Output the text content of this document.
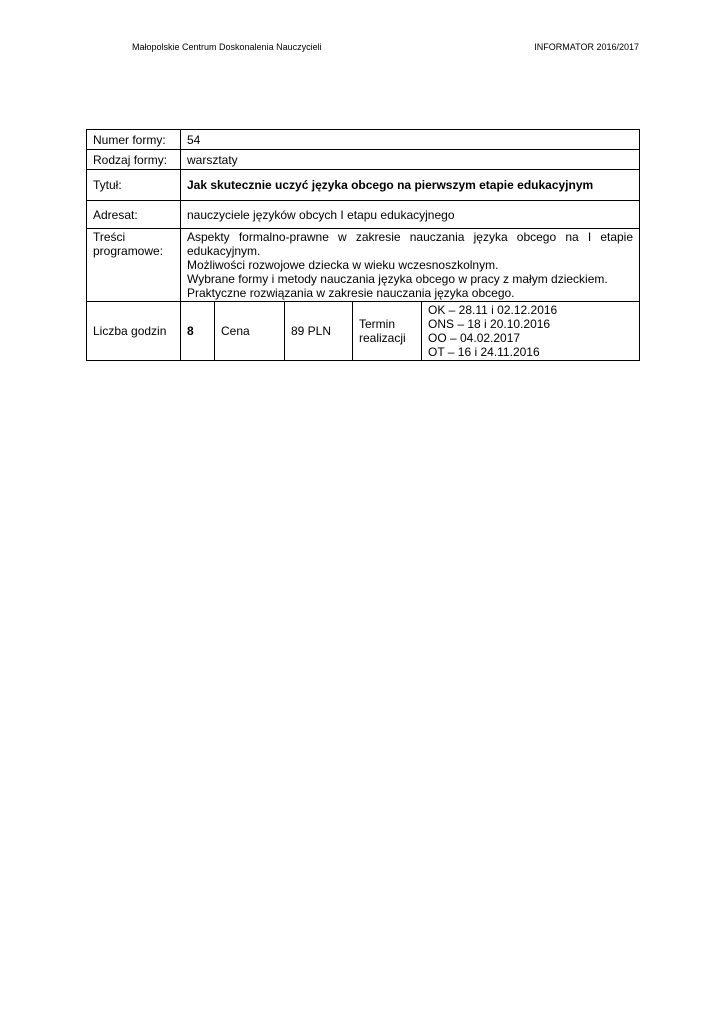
Małopolskie Centrum Doskonalenia Nauczycieli	INFORMATOR 2016/2017
Numer formy:	54				
Rodzaj formy:	warsztaty				
Tytuł:	Jak skutecznie uczyć języka obcego na pierwszym etapie edukacyjnym				
Adresat:	nauczyciele języków obcych I etapu edukacyjnego				
Treści programowe:	Aspekty formalno-prawne w zakresie nauczania języka obcego na I etapie edukacyjnym.
Możliwości rozwojowe dziecka w wieku wczesnoszkolnym.
Wybrane formy i metody nauczania języka obcego w pracy z małym dzieckiem.
Praktyczne rozwiązania w zakresie nauczania języka obcego.				

Liczba godzin	8	Cena	89 PLN	Termin realizacji	OK – 28.11 i 02.12.2016
ONS – 18 i 20.10.2016
OO – 04.02.2017
OT – 16 i 24.11.2016
